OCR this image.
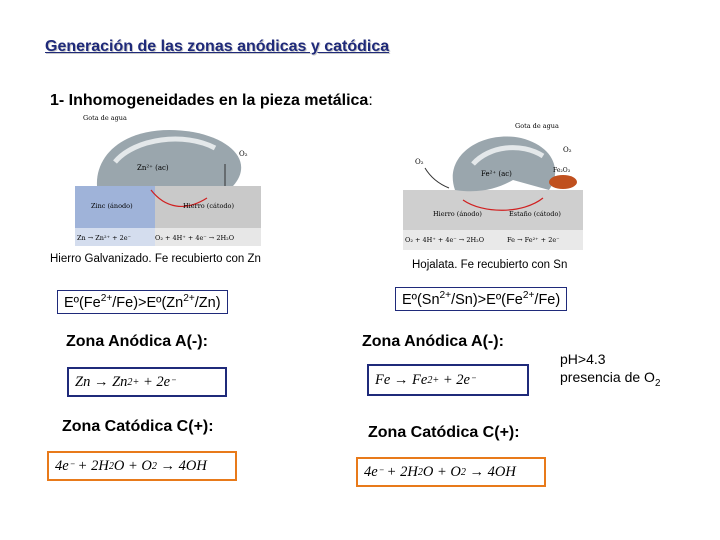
Generación de las zonas anódicas y catódica
1- Inhomogeneidades en la pieza metálica:
Gota de agua
Zn²⁺ (ac)
O₂
Zinc (ánodo)	Hierro (cátodo)
Zn → Zn²⁺ + 2e⁻	O₂ + 4H⁺ + 4e⁻ → 2H₂O
Gota de agua
O₂
O₂
Fe²⁺ (ac)	Fe₂O₃
Hierro (ánodo)	Estaño (cátodo)
O₂ + 4H⁺ + 4e⁻ → 2H₂O	Fe → Fe²⁺ + 2e⁻
Hierro Galvanizado. Fe recubierto con Zn	Hojalata. Fe recubierto con Sn
$Eº(Fe^{2+}/Fe)>Eº(Zn^{2+}/Zn)$	$Eº(Sn^{2+}/Sn)>Eº(Fe^{2+}/Fe)$
Zona Anódica A(-):	Zona Anódica A(-):
Zn
→
Zn 2+
+ 2e ⁻	Fe
→
Fe 2+
+ 2e ⁻
pH>4.3
presencia de $O_2$
Zona Catódica C(+):	Zona Catódica C(+):
4e ⁻
+ 2H 2 O + O 2
→
4OH	4e ⁻
+ 2H 2 O + O 2
→
4OH
